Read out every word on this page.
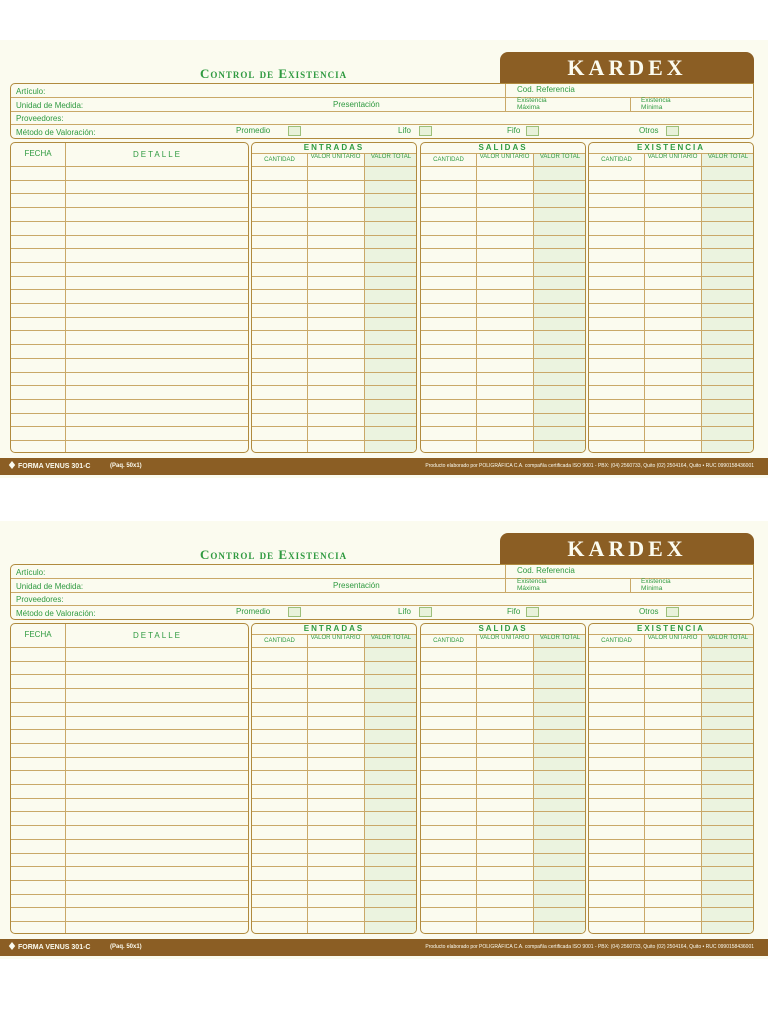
Control de Existencia	KARDEX
Artículo:
Unidad de Medida:	Presentación
Proveedores:
Método de Valoración:
Cod. Referencia
Existencia Máxima
Existencia Mínima
Promedio	Lifo	Fifo	Otros
FECHA	DETALLE
ENTRADAS
CANTIDAD	VALOR UNITARIO	VALOR TOTAL
SALIDAS
CANTIDAD	VALOR UNITARIO	VALOR TOTAL
EXISTENCIA
CANTIDAD	VALOR UNITARIO	VALOR TOTAL
FORMA VENUS 301-C	(Paq. 50x1)	Producto elaborado por POLIGRÁFICA C.A. compañía certificada ISO 9001 - PBX: (04) 2560733, Quito (02) 2504164, Quito • RUC 0990158436001
Control de Existencia	KARDEX
Artículo:
Unidad de Medida:	Presentación
Proveedores:
Método de Valoración:
Cod. Referencia
Existencia Máxima
Existencia Mínima
Promedio	Lifo	Fifo	Otros
FECHA	DETALLE
ENTRADAS
CANTIDAD	VALOR UNITARIO	VALOR TOTAL
SALIDAS
CANTIDAD	VALOR UNITARIO	VALOR TOTAL
EXISTENCIA
CANTIDAD	VALOR UNITARIO	VALOR TOTAL
FORMA VENUS 301-C	(Paq. 50x1)	Producto elaborado por POLIGRÁFICA C.A. compañía certificada ISO 9001 - PBX: (04) 2560733, Quito (02) 2504164, Quito • RUC 0990158436001
